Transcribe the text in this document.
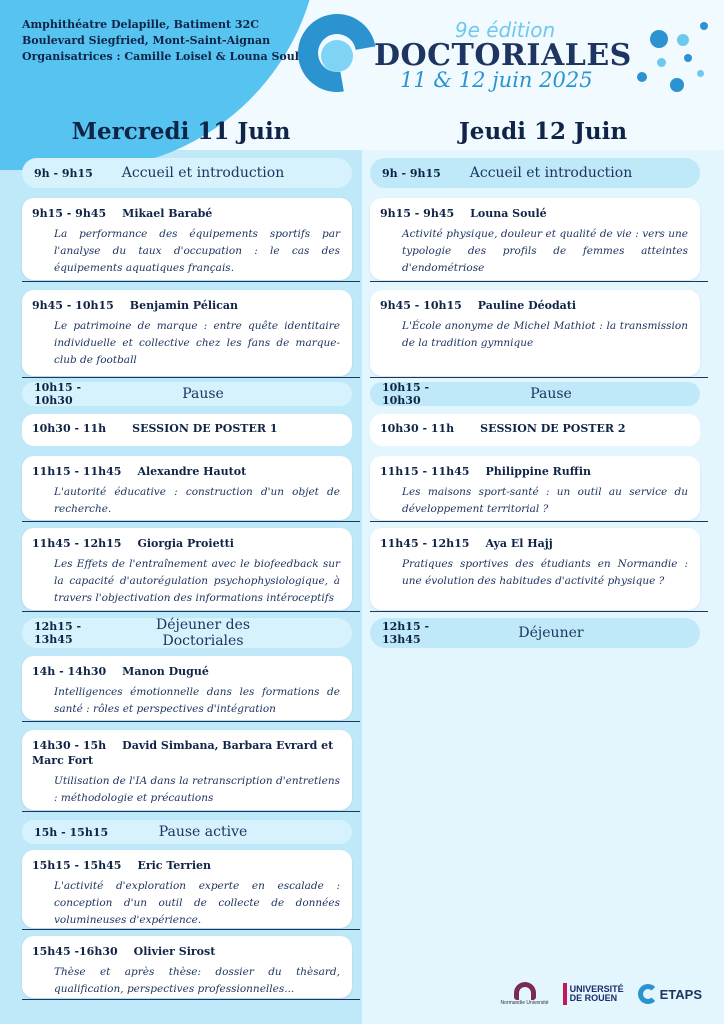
Amphithéatre Delapille, Batiment 32C
Boulevard Siegfried, Mont-Saint-Aignan
Organisatrices : Camille Loisel & Louna Soulé
9e édition
DOCTORIALES
11 & 12 juin 2025
Mercredi 11 Juin	Jeudi 12 Juin
9h - 9h15	Accueil et introduction
9h15 - 9h45 Mikael Barabé
La performance des équipements sportifs par l'analyse du taux d'occupation : le cas des équipements aquatiques français.
9h45 - 10h15 Benjamin Pélican
Le patrimoine de marque : entre quête identitaire individuelle et collective chez les fans de marque-club de football
10h15 - 10h30	Pause
10h30 - 11h SESSION DE POSTER 1
11h15 - 11h45 Alexandre Hautot
L'autorité éducative : construction d'un objet de recherche.
11h45 - 12h15 Giorgia Proietti
Les Effets de l'entraînement avec le biofeedback sur la capacité d'autorégulation psychophysiologique, à travers l'objectivation des informations intéroceptifs
12h15 - 13h45
Déjeuner des Doctoriales
14h - 14h30 Manon Dugué
Intelligences émotionnelle dans les formations de santé : rôles et perspectives d'intégration
14h30 - 15h David Simbana, Barbara Evrard et Marc Fort
Utilisation de l'IA dans la retranscription d'entretiens : méthodologie et précautions
15h - 15h15	Pause active
15h15 - 15h45 Eric Terrien
L'activité d'exploration experte en escalade : conception d'un outil de collecte de données volumineuses d'expérience.
15h45 -16h30 Olivier Sirost
Thèse et après thèse: dossier du thèsard, qualification, perspectives professionnelles...
9h - 9h15	Accueil et introduction
9h15 - 9h45 Louna Soulé
Activité physique, douleur et qualité de vie : vers une typologie des profils de femmes atteintes d'endométriose
9h45 - 10h15 Pauline Déodati
L'École anonyme de Michel Mathiot : la transmission de la tradition gymnique
10h15 - 10h30	Pause
10h30 - 11h SESSION DE POSTER 2
11h15 - 11h45 Philippine Ruffin
Les maisons sport-santé : un outil au service du développement territorial ?
11h45 - 12h15 Aya El Hajj
Pratiques sportives des étudiants en Normandie : une évolution des habitudes d'activité physique ?
12h15 - 13h45	Déjeuner
Normandie Université
UNIVERSITÉ
DE ROUEN	ETAPS
